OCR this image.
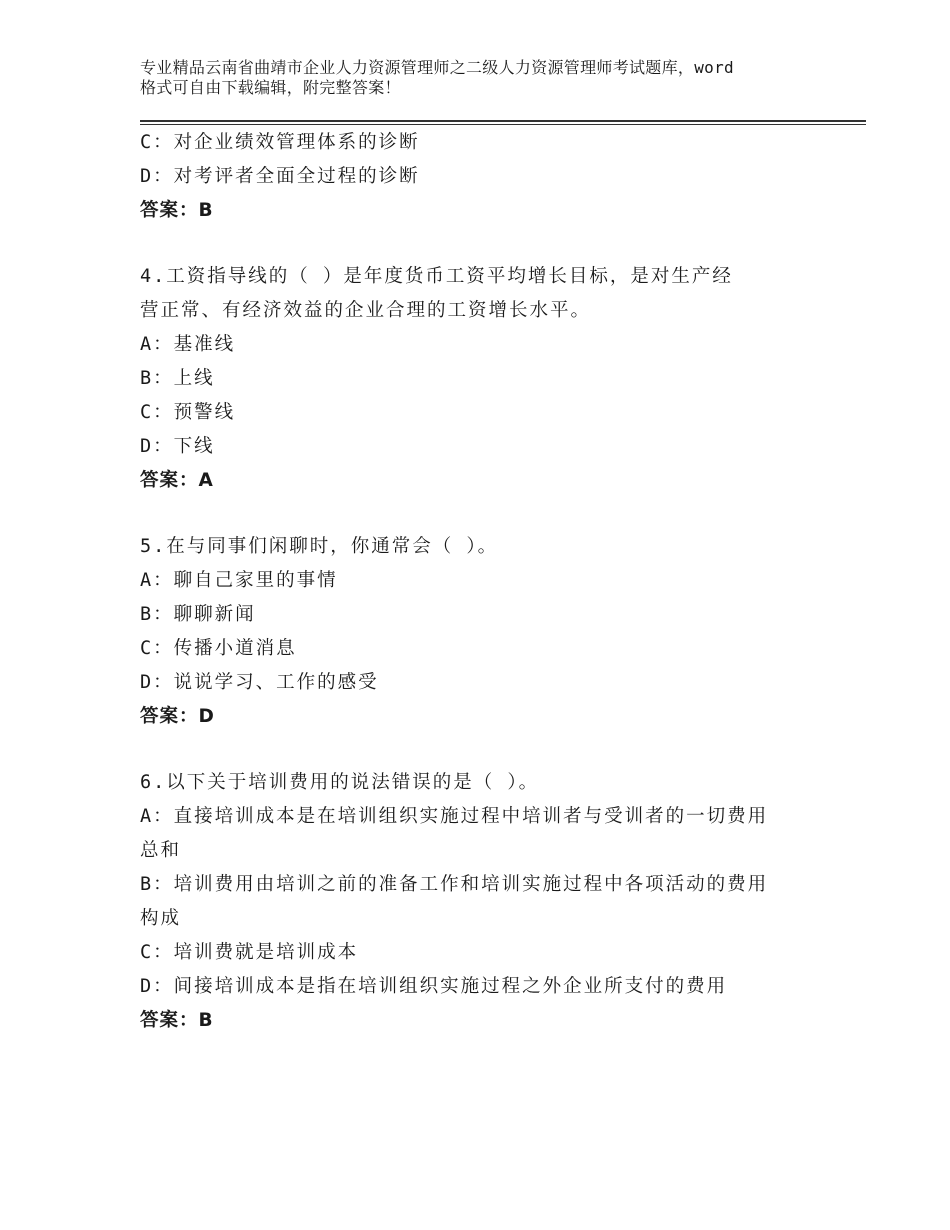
专业精品云南省曲靖市企业人力资源管理师之二级人力资源管理师考试题库，word
格式可自由下载编辑，附完整答案！
C：对企业绩效管理体系的诊断
D：对考评者全面全过程的诊断
答案：B
4.工资指导线的（ ）是年度货币工资平均增长目标，是对生产经
营正常、有经济效益的企业合理的工资增长水平。
A：基准线
B：上线
C：预警线
D：下线
答案：A
5.在与同事们闲聊时，你通常会（ ）。
A：聊自己家里的事情
B：聊聊新闻
C：传播小道消息
D：说说学习、工作的感受
答案：D
6.以下关于培训费用的说法错误的是（ ）。
A：直接培训成本是在培训组织实施过程中培训者与受训者的一切费用
总和
B：培训费用由培训之前的准备工作和培训实施过程中各项活动的费用
构成
C：培训费就是培训成本
D：间接培训成本是指在培训组织实施过程之外企业所支付的费用
答案：B
